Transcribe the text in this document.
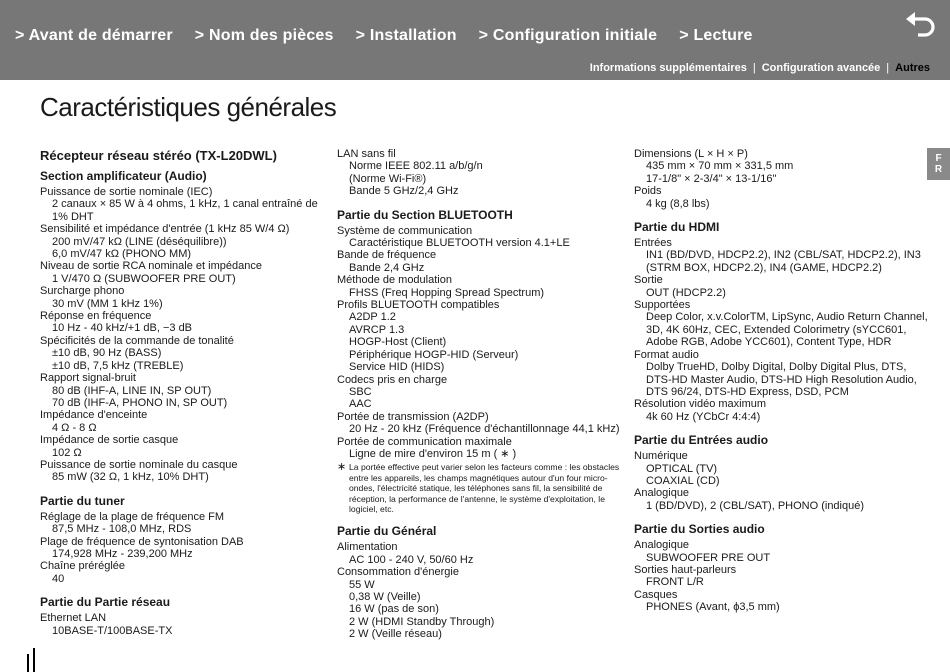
> Avant de démarrer > Nom des pièces > Installation > Configuration initiale > Lecture
Informations supplémentaires | Configuration avancée | Autres
Caractéristiques générales
F
R
Récepteur réseau stéréo (TX-L20DWL)
Section amplificateur (Audio)
Puissance de sortie nominale (IEC)
2 canaux × 85 W à 4 ohms, 1 kHz, 1 canal entraîné de
1% DHT
Sensibilité et impédance d'entrée (1 kHz 85 W/4 Ω)
200 mV/47 kΩ (LINE (déséquilibre))
6,0 mV/47 kΩ (PHONO MM)
Niveau de sortie RCA nominale et impédance
1 V/470 Ω (SUBWOOFER PRE OUT)
Surcharge phono
30 mV (MM 1 kHz 1%)
Réponse en fréquence
10 Hz - 40 kHz/+1 dB, −3 dB
Spécificités de la commande de tonalité
±10 dB, 90 Hz (BASS)
±10 dB, 7,5 kHz (TREBLE)
Rapport signal-bruit
80 dB (IHF-A, LINE IN, SP OUT)
70 dB (IHF-A, PHONO IN, SP OUT)
Impédance d'enceinte
4 Ω - 8 Ω
Impédance de sortie casque
102 Ω
Puissance de sortie nominale du casque
85 mW (32 Ω, 1 kHz, 10% DHT)
Partie du tuner
Réglage de la plage de fréquence FM
87,5 MHz - 108,0 MHz, RDS
Plage de fréquence de syntonisation DAB
174,928 MHz - 239,200 MHz
Chaîne préréglée
40
Partie du Partie réseau
Ethernet LAN
10BASE-T/100BASE-TX
LAN sans fil
Norme IEEE 802.11 a/b/g/n
(Norme Wi-Fi®)
Bande 5 GHz/2,4 GHz
Partie du Section BLUETOOTH
Système de communication
Caractéristique BLUETOOTH version 4.1+LE
Bande de fréquence
Bande 2,4 GHz
Méthode de modulation
FHSS (Freq Hopping Spread Spectrum)
Profils BLUETOOTH compatibles
A2DP 1.2
AVRCP 1.3
HOGP-Host (Client)
Périphérique HOGP-HID (Serveur)
Service HID (HIDS)
Codecs pris en charge
SBC
AAC
Portée de transmission (A2DP)
20 Hz - 20 kHz (Fréquence d'échantillonnage 44,1 kHz)
Portée de communication maximale
Ligne de mire d'environ 15 m ( ∗ )
∗ La portée effective peut varier selon les facteurs comme : les obstacles entre les appareils, les champs magnétiques autour d'un four micro-ondes, l'électricité statique, les téléphones sans fil, la sensibilité de réception, la performance de l'antenne, le système d'exploitation, le logiciel, etc.
Partie du Général
Alimentation
AC 100 - 240 V, 50/60 Hz
Consommation d'énergie
55 W
0,38 W (Veille)
16 W (pas de son)
2 W (HDMI Standby Through)
2 W (Veille réseau)
Dimensions (L × H × P)
435 mm × 70 mm × 331,5 mm
17-1/8" × 2-3/4" × 13-1/16"
Poids
4 kg (8,8 lbs)
Partie du HDMI
Entrées
IN1 (BD/DVD, HDCP2.2), IN2 (CBL/SAT, HDCP2.2), IN3
(STRM BOX, HDCP2.2), IN4 (GAME, HDCP2.2)
Sortie
OUT (HDCP2.2)
Supportées
Deep Color, x.v.ColorTM, LipSync, Audio Return Channel,
3D, 4K 60Hz, CEC, Extended Colorimetry (sYCC601,
Adobe RGB, Adobe YCC601), Content Type, HDR
Format audio
Dolby TrueHD, Dolby Digital, Dolby Digital Plus, DTS,
DTS-HD Master Audio, DTS-HD High Resolution Audio,
DTS 96/24, DTS-HD Express, DSD, PCM
Résolution vidéo maximum
4k 60 Hz (YCbCr 4:4:4)
Partie du Entrées audio
Numérique
OPTICAL (TV)
COAXIAL (CD)
Analogique
1 (BD/DVD), 2 (CBL/SAT), PHONO (indiqué)
Partie du Sorties audio
Analogique
SUBWOOFER PRE OUT
Sorties haut-parleurs
FRONT L/R
Casques
PHONES (Avant, ϕ3,5 mm)
